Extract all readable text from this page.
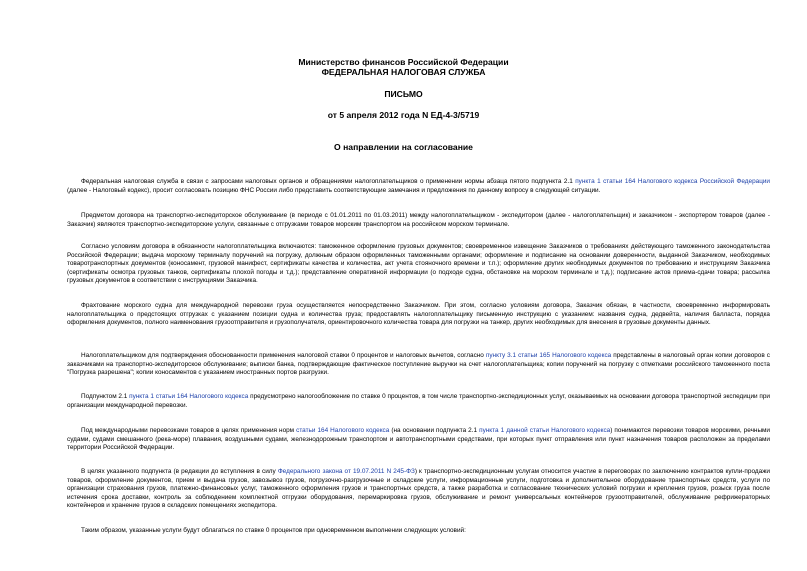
Министерство финансов Российской Федерации
ФЕДЕРАЛЬНАЯ НАЛОГОВАЯ СЛУЖБА
ПИСЬМО
от 5 апреля 2012 года N ЕД-4-3/5719
О направлении на согласование

Федеральная налоговая служба в связи с запросами налоговых органов и обращениями налогоплательщиков о применении нормы абзаца пятого подпункта 2.1 пункта 1 статьи 164 Налогового кодекса Российской Федерации (далее - Налоговый кодекс), просит согласовать позицию ФНС России либо представить соответствующие замечания и предложения по данному вопросу в следующей ситуации.

Предметом договора на транспортно-экспедиторское обслуживание (в периоде с 01.01.2011 по 01.03.2011) между налогоплательщиком - экспедитором (далее - налогоплательщик) и заказчиком - экспортером товаров (далее - Заказчик) являются транспортно-экспедиторские услуги, связанные с отгрузками товаров морским транспортом на российском морском терминале.

Согласно условиям договора в обязанности налогоплательщика включаются: таможенное оформление грузовых документов; своевременное извещение Заказчиков о требованиях действующего таможенного законодательства Российской Федерации; выдача морскому терминалу поручений на погрузку, должным образом оформленных таможенными органами; оформление и подписание на основании доверенности, выданной Заказчиком, необходимых товаротранспортных документов (коносамент, грузовой манифест, сертификаты качества и количества, акт учета стояночного времени и т.п.); оформление других необходимых документов по требованию и инструкциям Заказчика (сертификаты осмотра грузовых танков, сертификаты плохой погоды и т.д.); представление оперативной информации (о подходе судна, обстановке на морском терминале и т.д.); подписание актов приема-сдачи товара; рассылка грузовых документов в соответствии с инструкциями Заказчика.

Фрахтование морского судна для международной перевозки груза осуществляется непосредственно Заказчиком. При этом, согласно условиям договора, Заказчик обязан, в частности, своевременно информировать налогоплательщика о предстоящих отгрузках с указанием позиции судна и количества груза; предоставлять налогоплательщику письменную инструкцию с указанием: названия судна, дедвейта, наличия балласта, порядка оформления документов, полного наименования грузоотправителя и грузополучателя, ориентировочного количества товара для погрузки на танкер, других необходимых для внесения в грузовые документы данных.

Налогоплательщиком для подтверждения обоснованности применения налоговой ставки 0 процентов и налоговых вычетов, согласно пункту 3.1 статьи 165 Налогового кодекса представлены в налоговый орган копии договоров с заказчиками на транспортно-экспедиторское обслуживание; выписки банка, подтверждающие фактическое поступление выручки на счет налогоплательщика; копии поручений на погрузку с отметками российского таможенного поста "Погрузка разрешена"; копии коносаментов с указанием иностранных портов разгрузки.

Подпунктом 2.1 пункта 1 статьи 164 Налогового кодекса предусмотрено налогообложение по ставке 0 процентов, в том числе транспортно-экспедиционных услуг, оказываемых на основании договора транспортной экспедиции при организации международной перевозки.

Под международными перевозками товаров в целях применения норм статьи 164 Налогового кодекса (на основании подпункта 2.1 пункта 1 данной статьи Налогового кодекса) понимаются перевозки товаров морскими, речными судами, судами смешанного (река-море) плавания, воздушными судами, железнодорожным транспортом и автотранспортными средствами, при которых пункт отправления или пункт назначения товаров расположен за пределами территории Российской Федерации.

В целях указанного подпункта (в редакции до вступления в силу Федерального закона от 19.07.2011 N 245-ФЗ) к транспортно-экспедиционным услугам относится участие в переговорах по заключению контрактов купли-продажи товаров, оформление документов, прием и выдача грузов, завозывоз грузов, погрузочно-разгрузочные и складские услуги, информационные услуги, подготовка и дополнительное оборудование транспортных средств, услуги по организации страхования грузов, платежно-финансовых услуг, таможенного оформления грузов и транспортных средств, а также разработка и согласование технических условий погрузки и крепления грузов, розыск груза после истечения срока доставки, контроль за соблюдением комплектной отгрузки оборудования, перемаркировка грузов, обслуживание и ремонт универсальных контейнеров грузоотправителей, обслуживание рефрижераторных контейнеров и хранение грузов в складских помещениях экспедитора.

Таким образом, указанные услуги будут облагаться по ставке 0 процентов при одновременном выполнении следующих условий:
